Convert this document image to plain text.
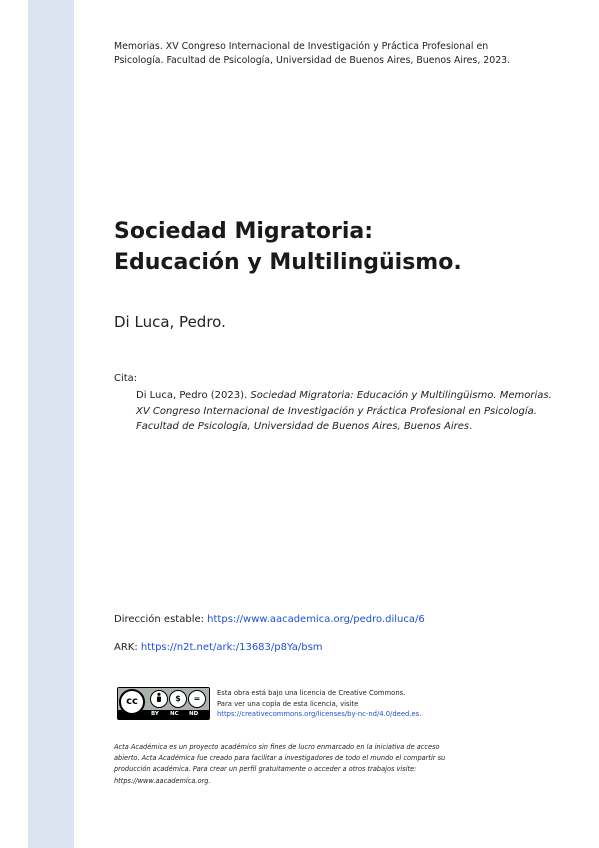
Memorias. XV Congreso Internacional de Investigación y Práctica Profesional en
Psicología. Facultad de Psicología, Universidad de Buenos Aires, Buenos Aires, 2023.
Sociedad Migratoria:
Educación y Multilingüismo.
Di Luca, Pedro.
Cita:
Di Luca, Pedro (2023). Sociedad Migratoria: Educación y Multilingüismo. Memorias. XV Congreso Internacional de Investigación y Práctica Profesional en Psicología. Facultad de Psicología, Universidad de Buenos Aires, Buenos Aires.
Dirección estable: https://www.aacademica.org/pedro.diluca/6
ARK: https://n2t.net/ark:/13683/p8Ya/bsm
cc	$	=
BY NC ND
Esta obra está bajo una licencia de Creative Commons.
Para ver una copia de esta licencia, visite
https://creativecommons.org/licenses/by-nc-nd/4.0/deed.es.
Acta Académica es un proyecto académico sin fines de lucro enmarcado en la iniciativa de acceso
abierto. Acta Académica fue creado para facilitar a investigadores de todo el mundo el compartir su
producción académica. Para crear un perfil gratuitamente o acceder a otros trabajos visite:
https://www.aacademica.org.
